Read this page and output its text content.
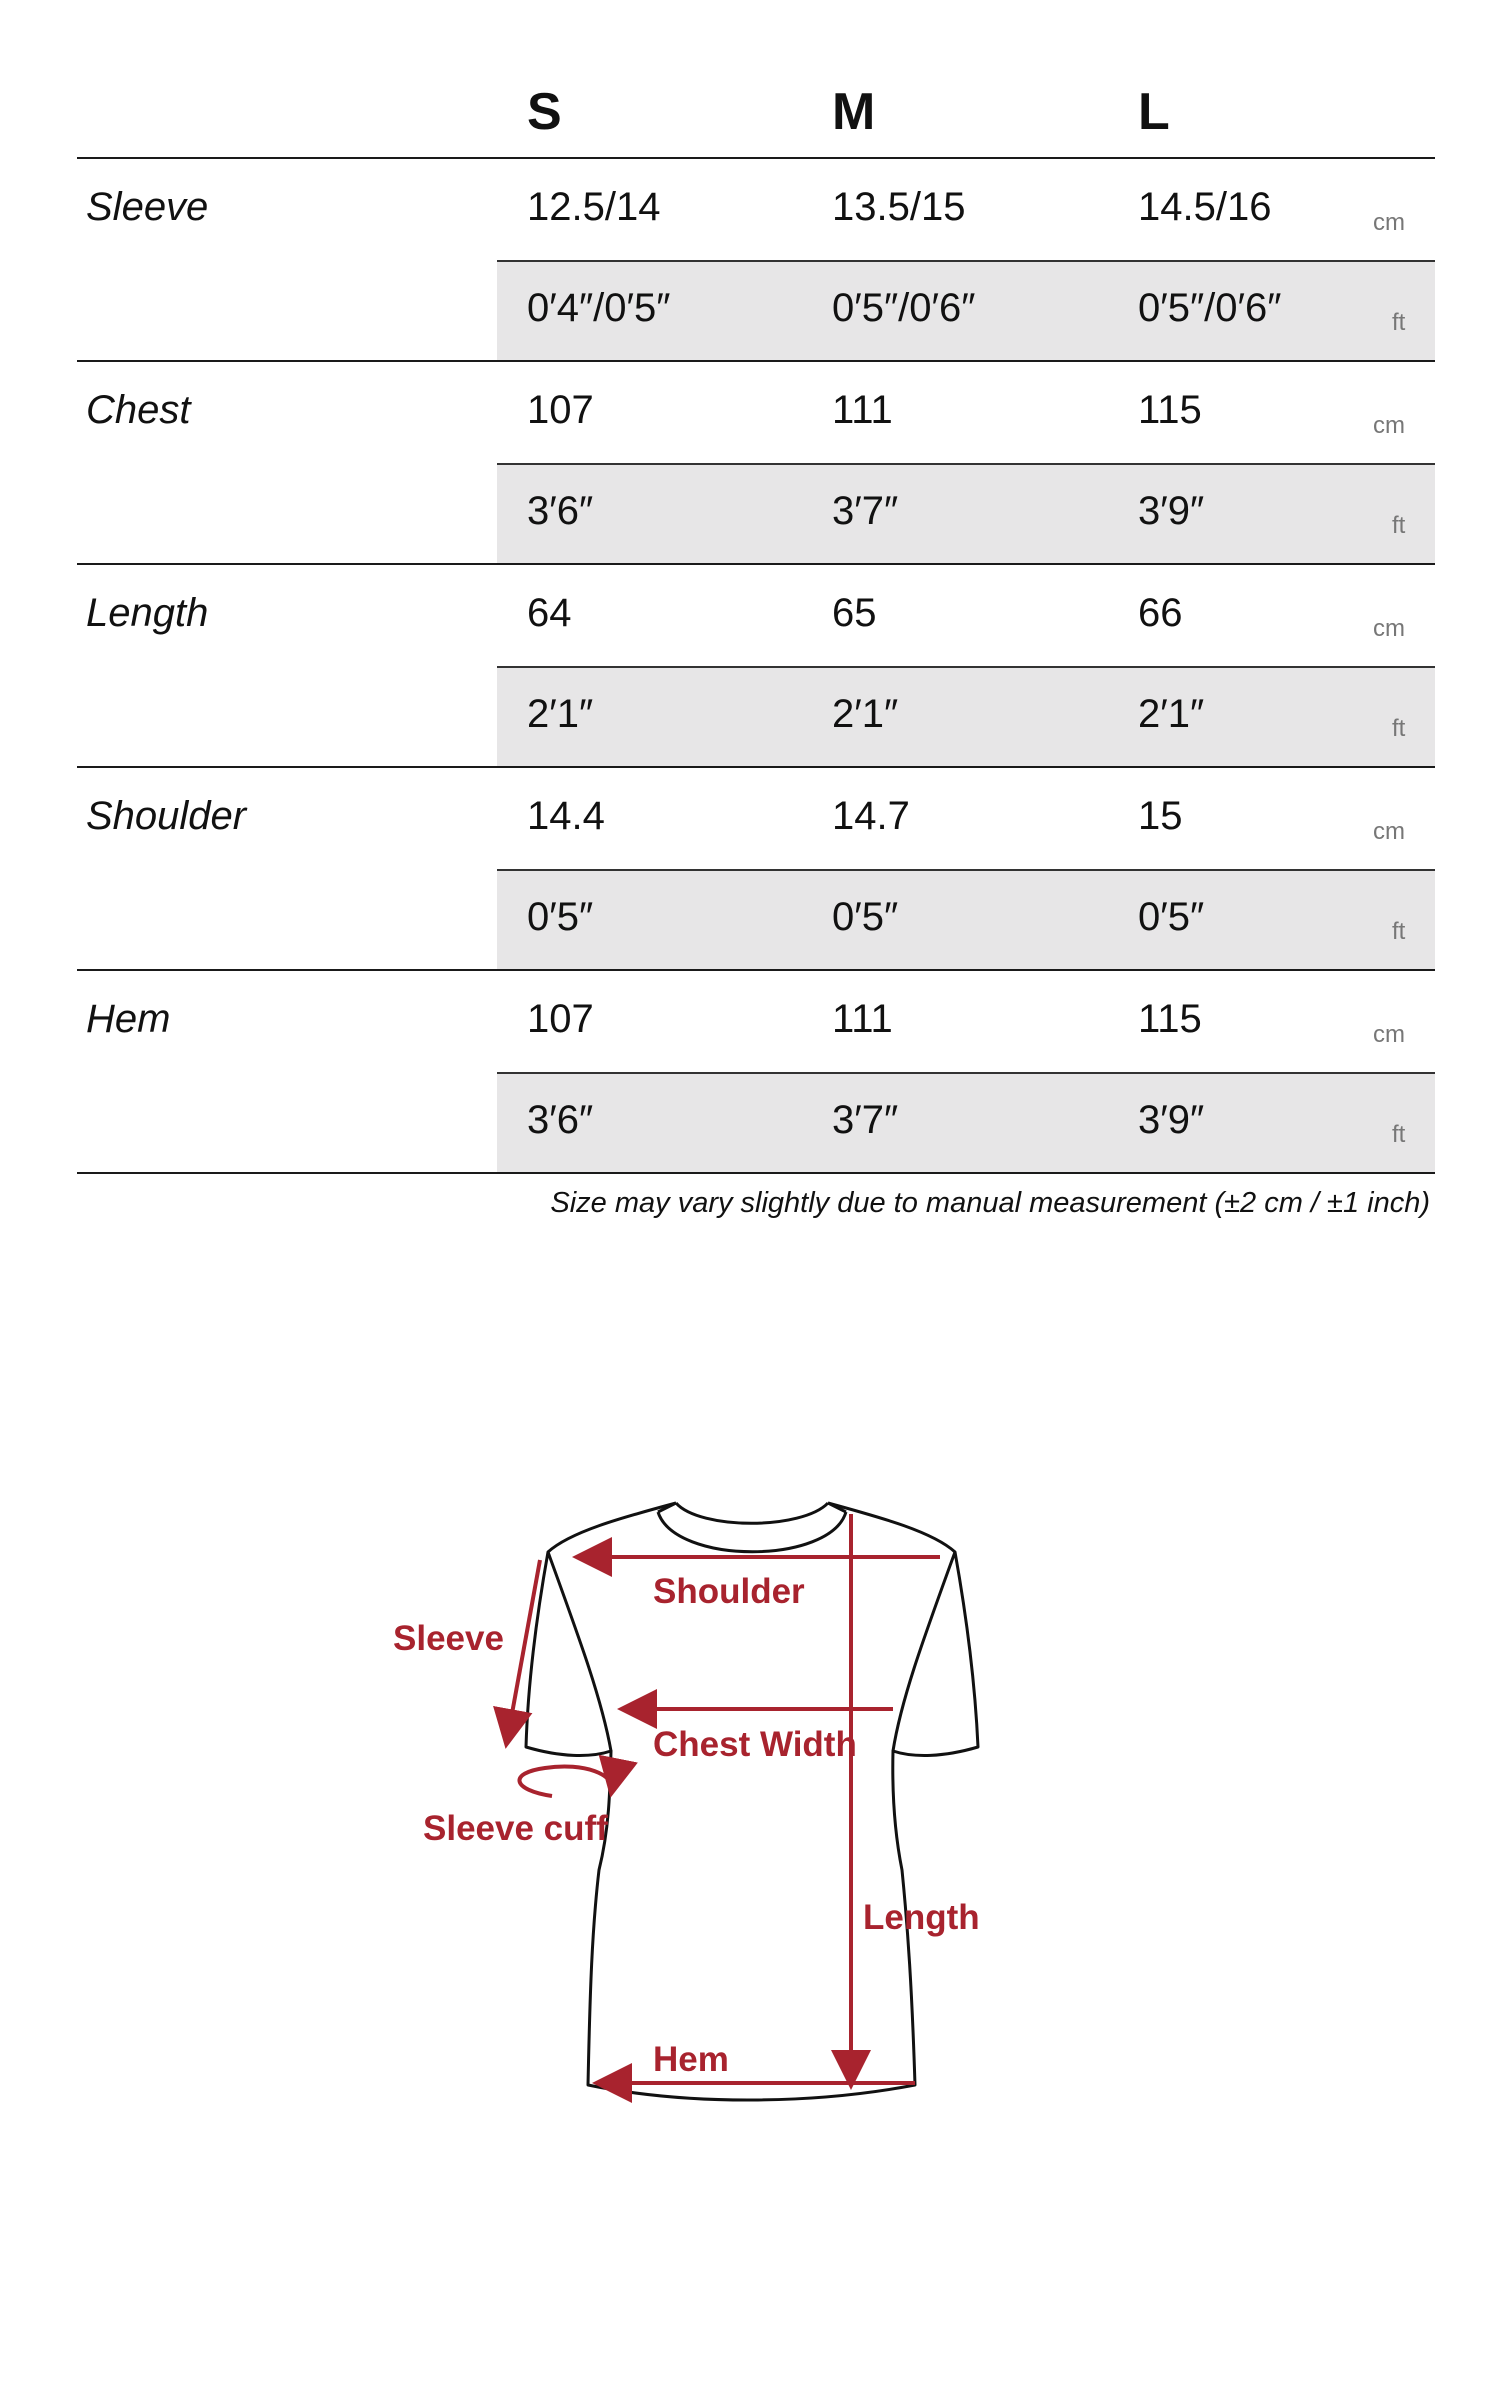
S	M	L
Sleeve	12.5/14	13.5/15	14.5/16	cm
0′4″/0′5″	0′5″/0′6″	0′5″/0′6″	ft
Chest	107	111	115	cm
3′6″	3′7″	3′9″	ft
Length	64	65	66	cm
2′1″	2′1″	2′1″	ft
Shoulder	14.4	14.7	15	cm
0′5″	0′5″	0′5″	ft
Hem	107	111	115	cm
3′6″	3′7″	3′9″	ft
Size may vary slightly due to manual measurement (±2 cm / ±1 inch)
Shoulder
Sleeve
Chest Width
Sleeve cuff
Length
Hem
